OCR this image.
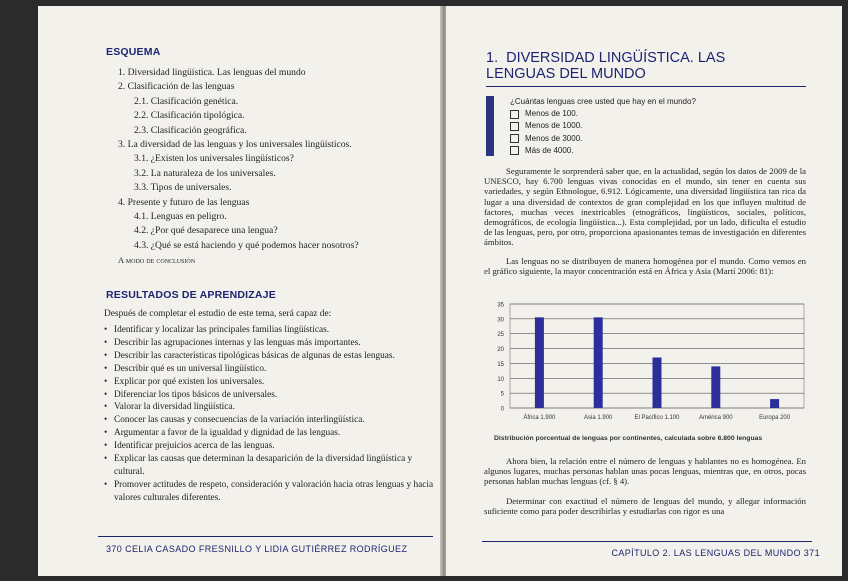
ESQUEMA
1. Diversidad lingüística. Las lenguas del mundo
2. Clasificación de las lenguas
2.1. Clasificación genética.
2.2. Clasificación tipológica.
2.3. Clasificación geográfica.
3. La diversidad de las lenguas y los universales lingüísticos.
3.1. ¿Existen los universales lingüísticos?
3.2. La naturaleza de los universales.
3.3. Tipos de universales.
4. Presente y futuro de las lenguas
4.1. Lenguas en peligro.
4.2. ¿Por qué desaparece una lengua?
4.3. ¿Qué se está haciendo y qué podemos hacer nosotros?
A modo de conclusión
RESULTADOS DE APRENDIZAJE
Después de completar el estudio de este tema, será capaz de:
• Identificar y localizar las principales familias lingüísticas.
• Describir las agrupaciones internas y las lenguas más importantes.
• Describir las características tipológicas básicas de algunas de estas lenguas.
• Describir qué es un universal lingüístico.
• Explicar por qué existen los universales.
• Diferenciar los tipos básicos de universales.
• Valorar la diversidad lingüística.
• Conocer las causas y consecuencias de la variación interlingüística.
• Argumentar a favor de la igualdad y dignidad de las lenguas.
• Identificar prejuicios acerca de las lenguas.
• Explicar las causas que determinan la desaparición de la diversidad lingüística y cultural.
• Promover actitudes de respeto, consideración y valoración hacia otras lenguas y hacia valores culturales diferentes.
370 CELIA CASADO FRESNILLO Y LIDIA GUTIÉRREZ RODRÍGUEZ
1. DIVERSIDAD LINGÜÍSTICA. LAS LENGUAS DEL MUNDO
¿Cuántas lenguas cree usted que hay en el mundo?
Menos de 100.
Menos de 1000.
Menos de 3000.
Más de 4000.
Seguramente le sorprenderá saber que, en la actualidad, según los datos de 2009 de la UNESCO, hay 6.700 lenguas vivas conocidas en el mundo, sin tener en cuenta sus variedades, y según Ethnologue, 6.912. Lógicamente, una diversidad lingüística tan rica da lugar a una diversidad de contextos de gran complejidad en los que influyen multitud de factores, muchas veces inextricables (etnográficos, lingüísticos, sociales, políticos, demográficos, de ecología lingüística...). Esta complejidad, por un lado, dificulta el estudio de las lenguas, pero, por otro, proporciona apasionantes temas de investigación en diferentes ámbitos.
Las lenguas no se distribuyen de manera homogénea por el mundo. Como vemos en el gráfico siguiente, la mayor concentración está en África y Asia (Martí 2006: 81):
0
5
10
15
20
25
30
35
África 1.900	Asia 1.900	El Pacífico 1.100	América 900	Europa 200
Distribución porcentual de lenguas por continentes, calculada sobre 6.800 lenguas
Ahora bien, la relación entre el número de lenguas y hablantes no es homogénea. En algunos lugares, muchas personas hablan unas pocas lenguas, mientras que, en otros, pocas personas hablan muchas lenguas (cf. § 4).
Determinar con exactitud el número de lenguas del mundo, y allegar información suficiente como para poder describirlas y estudiarlas con rigor es una
CAPÍTULO 2. LAS LENGUAS DEL MUNDO 371
